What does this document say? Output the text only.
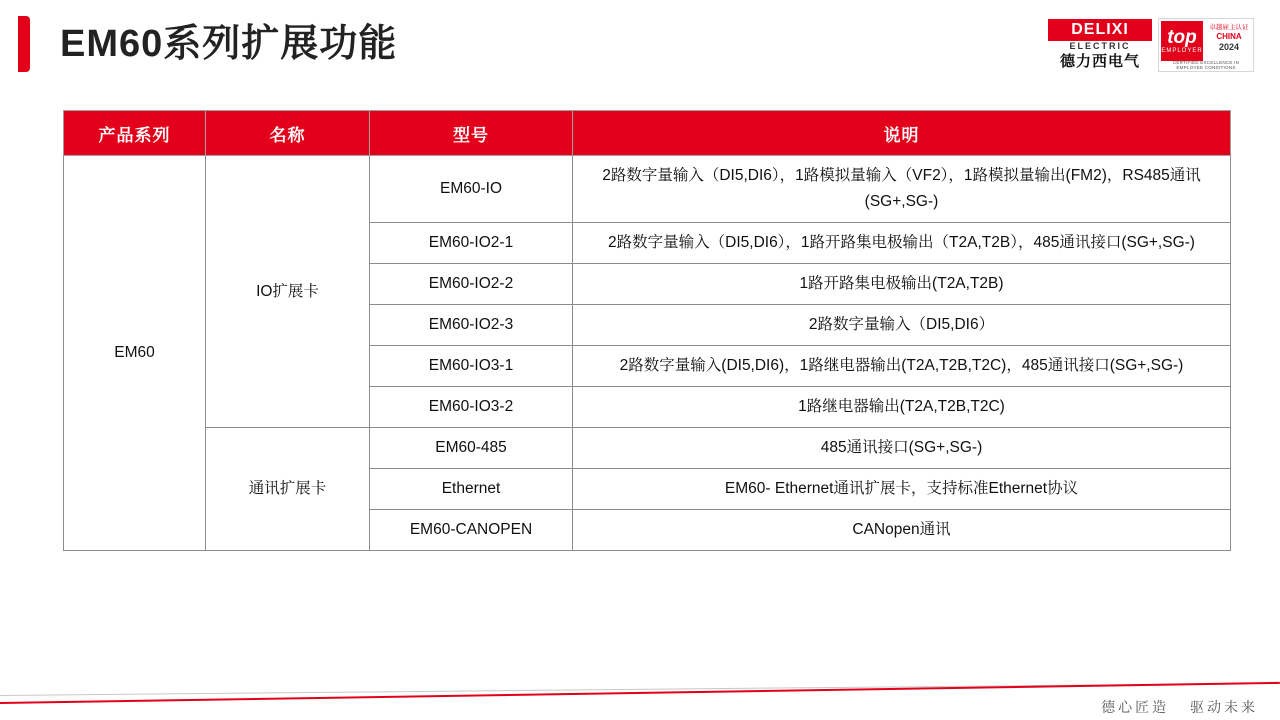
EM60系列扩展功能	DELIXI
ELECTRIC
德力西电气
top
EMPLOYER
卓越雇主认证
CHINA
2024
CERTIFIED EXCELLENCE IN EMPLOYEE CONDITIONS
产品系列	名称	型号	说明
EM60	IO扩展卡	EM60-IO	2路数字量输入（DI5,DI6），1路模拟量输入（VF2），1路模拟量输出(FM2)，RS485通讯(SG+,SG-)
		EM60-IO2-1	2路数字量输入（DI5,DI6），1路开路集电极输出（T2A,T2B），485通讯接口(SG+,SG-)
		EM60-IO2-2	1路开路集电极输出(T2A,T2B)
		EM60-IO2-3	2路数字量输入（DI5,DI6）
		EM60-IO3-1	2路数字量输入(DI5,DI6)，1路继电器输出(T2A,T2B,T2C)，485通讯接口(SG+,SG-)
		EM60-IO3-2	1路继电器输出(T2A,T2B,T2C)
	通讯扩展卡	EM60-485	485通讯接口(SG+,SG-)
		Ethernet	EM60- Ethernet通讯扩展卡，支持标准Ethernet协议
		EM60-CANOPEN	CANopen通讯
德心匠造 驱动未来
